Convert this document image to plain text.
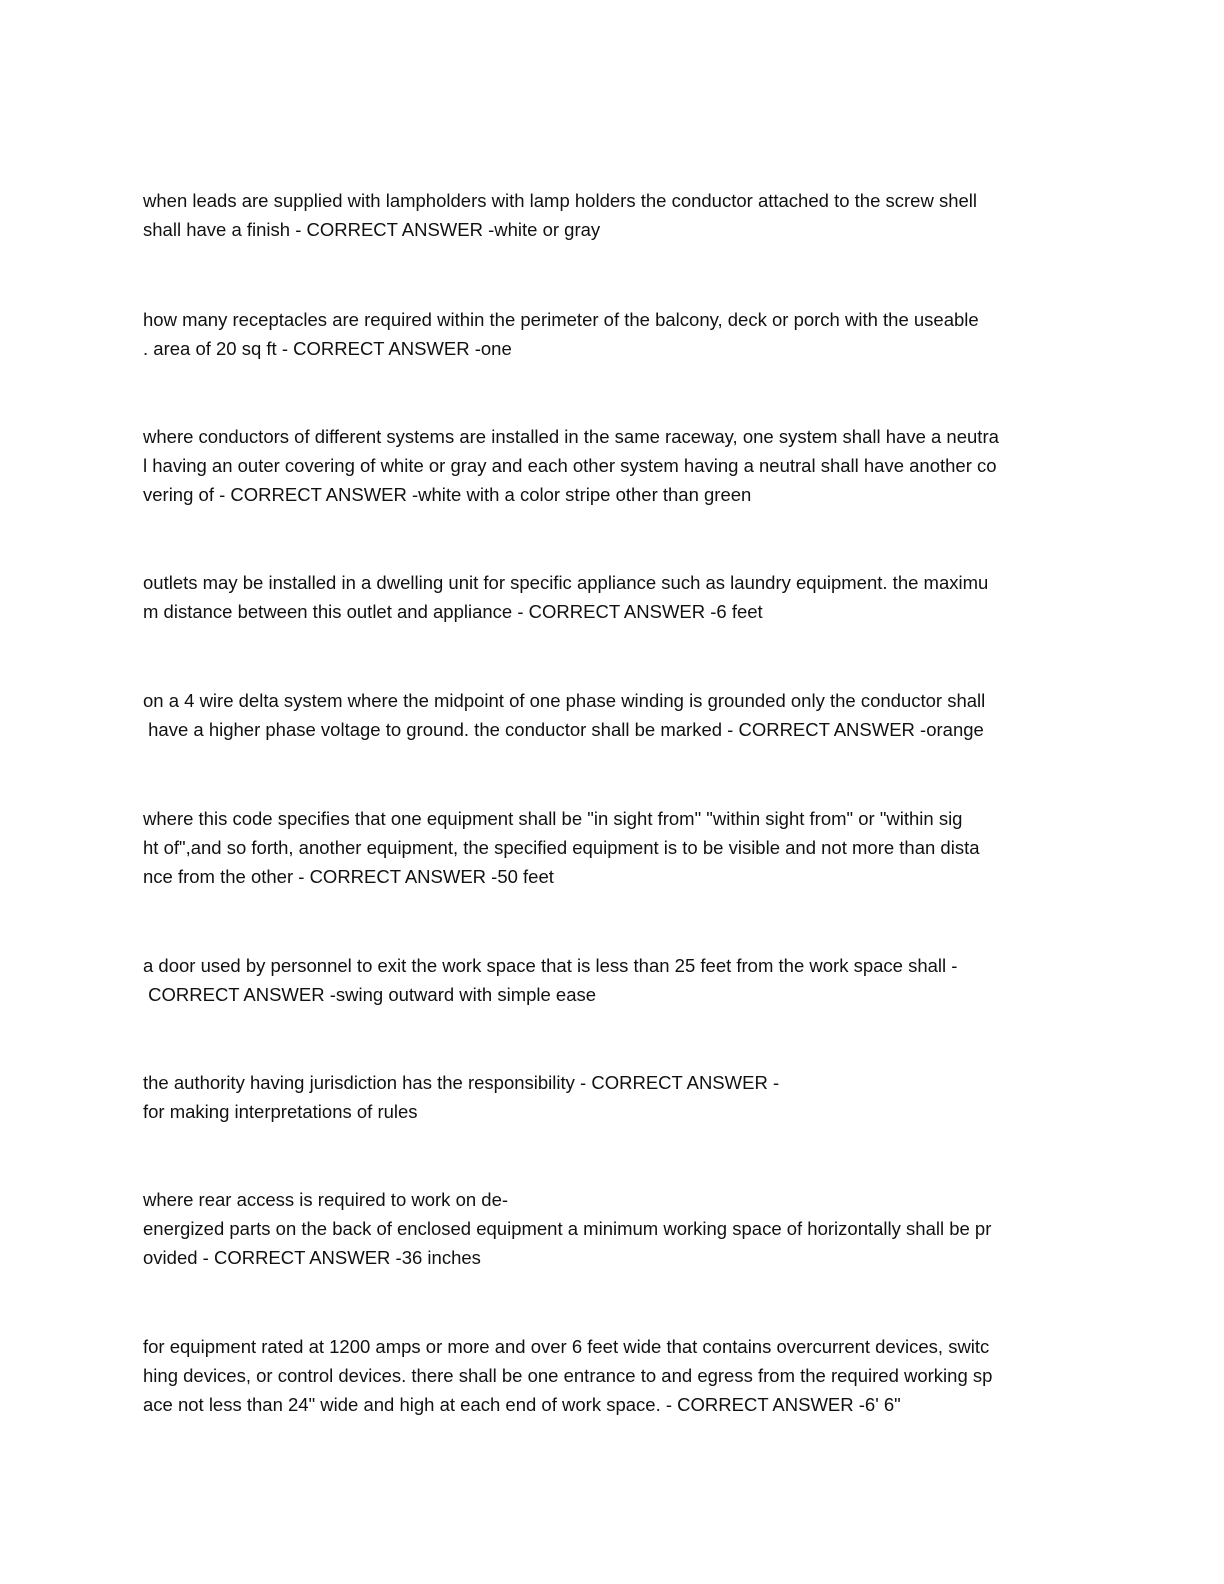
when leads are supplied with lampholders with lamp holders the conductor attached to the screw shell
shall have a finish - CORRECT ANSWER -white or gray

how many receptacles are required within the perimeter of the balcony, deck or porch with the useable
. area of 20 sq ft - CORRECT ANSWER -one

where conductors of different systems are installed in the same raceway, one system shall have a neutra
l having an outer covering of white or gray and each other system having a neutral shall have another co
vering of - CORRECT ANSWER -white with a color stripe other than green

outlets may be installed in a dwelling unit for specific appliance such as laundry equipment. the maximu
m distance between this outlet and appliance - CORRECT ANSWER -6 feet

on a 4 wire delta system where the midpoint of one phase winding is grounded only the conductor shall
have a higher phase voltage to ground. the conductor shall be marked - CORRECT ANSWER -orange

where this code specifies that one equipment shall be "in sight from" "within sight from" or "within sig
ht of",and so forth, another equipment, the specified equipment is to be visible and not more than dista
nce from the other - CORRECT ANSWER -50 feet

a door used by personnel to exit the work space that is less than 25 feet from the work space shall -
CORRECT ANSWER -swing outward with simple ease

the authority having jurisdiction has the responsibility - CORRECT ANSWER -
for making interpretations of rules

where rear access is required to work on de-
energized parts on the back of enclosed equipment a minimum working space of horizontally shall be pr
ovided - CORRECT ANSWER -36 inches

for equipment rated at 1200 amps or more and over 6 feet wide that contains overcurrent devices, switc
hing devices, or control devices. there shall be one entrance to and egress from the required working sp
ace not less than 24" wide and high at each end of work space. - CORRECT ANSWER -6' 6"
